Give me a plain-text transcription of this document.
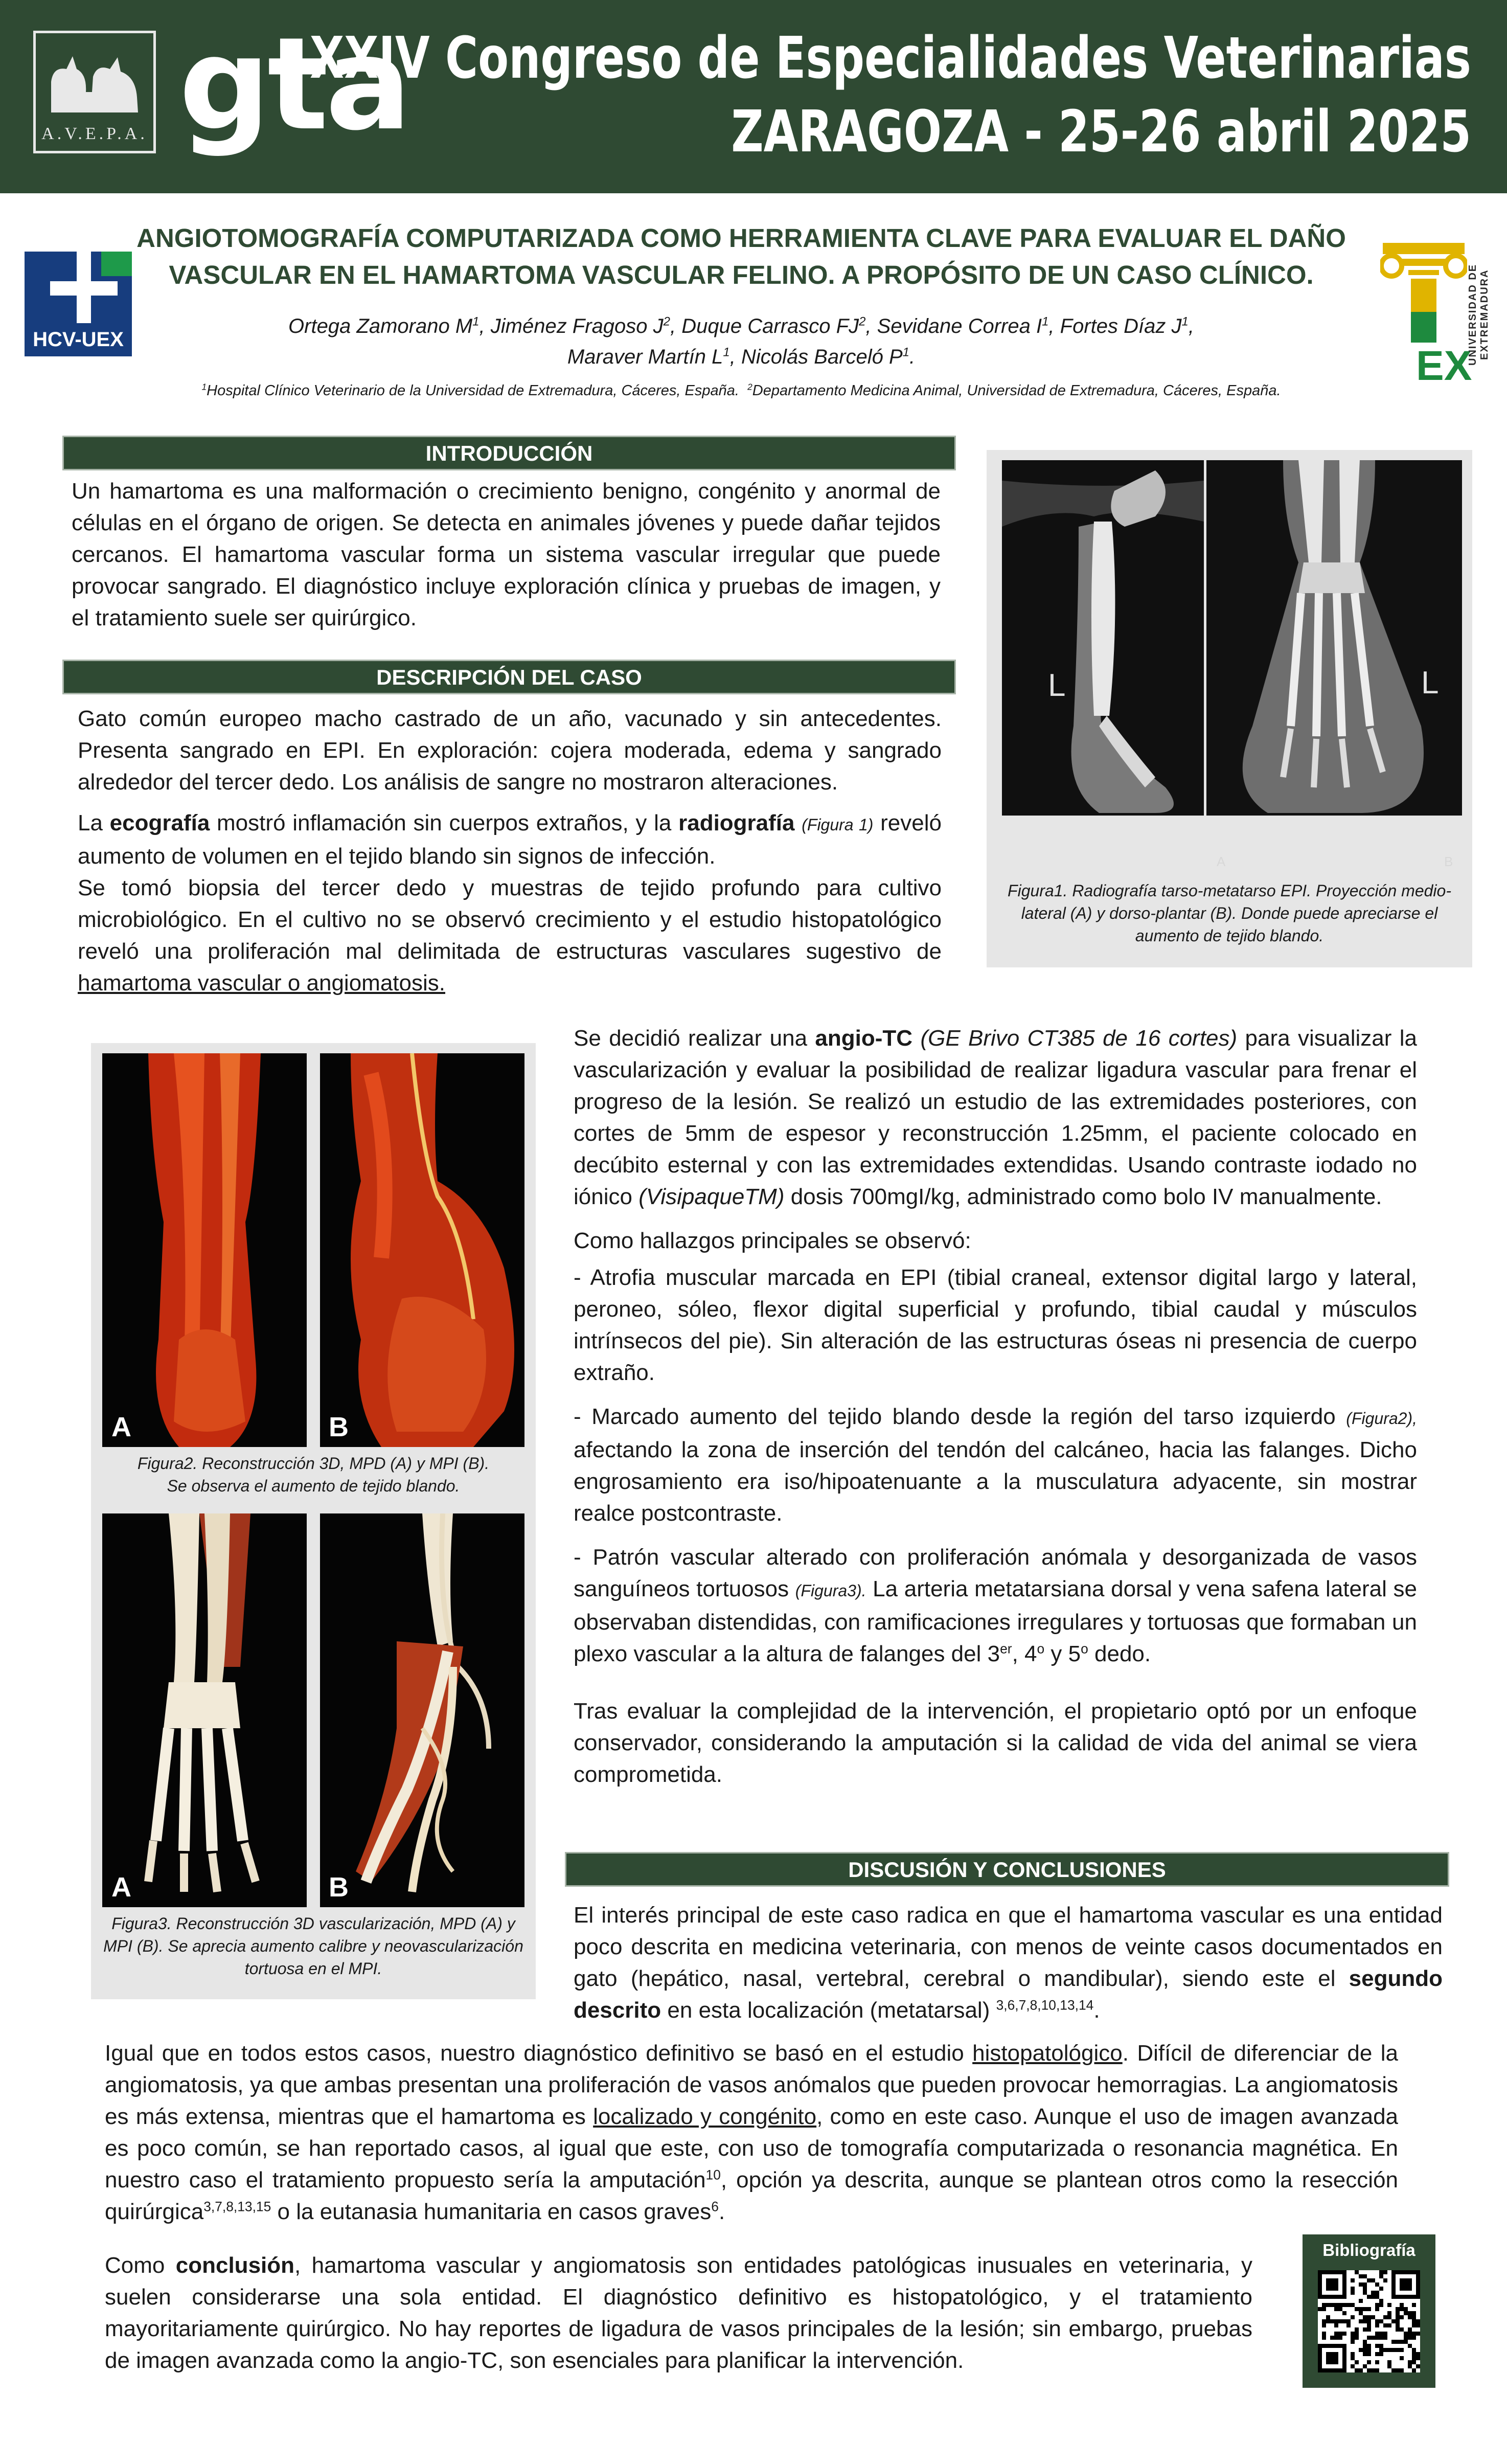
A.V.E.P.A. gta
XXIV Congreso de Especialidades Veterinarias
ZARAGOZA - 25-26 abril 2025
HCV-UEX
EX
UNIVERSIDAD DE EXTREMADURA
ANGIOTOMOGRAFÍA COMPUTARIZADA COMO HERRAMIENTA CLAVE PARA EVALUAR EL DAÑO
VASCULAR EN EL HAMARTOMA VASCULAR FELINO. A PROPÓSITO DE UN CASO CLÍNICO.
Ortega Zamorano $M^1$, Jiménez Fragoso $J^2$, Duque Carrasco $FJ^2$, Sevidane Correa $I^1$, Fortes Díaz $J^1$,
Maraver Martín $L^1$, Nicolás Barceló $P^1$.
$^1$Hospital Clínico Veterinario de la Universidad de Extremadura, Cáceres, España. $^2$Departamento Medicina Animal, Universidad de Extremadura, Cáceres, España.
INTRODUCCIÓN
Un hamartoma es una malformación o crecimiento benigno, congénito y anormal de células en el órgano de origen. Se detecta en animales jóvenes y puede dañar tejidos cercanos. El hamartoma vascular forma un sistema vascular irregular que puede provocar sangrado. El diagnóstico incluye exploración clínica y pruebas de imagen, y el tratamiento suele ser quirúrgico.
DESCRIPCIÓN DEL CASO

Gato común europeo macho castrado de un año, vacunado y sin antecedentes. Presenta sangrado en EPI. En exploración: cojera moderada, edema y sangrado alrededor del tercer dedo. Los análisis de sangre no mostraron alteraciones.

La ecografía mostró inflamación sin cuerpos extraños, y la radiografía (Figura 1) reveló aumento de volumen en el tejido blando sin signos de infección.

Se tomó biopsia del tercer dedo y muestras de tejido profundo para cultivo microbiológico. En el cultivo no se observó crecimiento y el estudio histopatológico reveló una proliferación mal delimitada de estructuras vasculares sugestivo de hamartoma vascular o angiomatosis.

L	L
A	B
Figura1. Radiografía tarso-metatarso EPI. Proyección medio-lateral (A) y dorso-plantar (B). Donde puede apreciarse el aumento de tejido blando.
A	B
Figura2. Reconstrucción 3D, MPD (A) y MPI (B).
Se observa el aumento de tejido blando.
A	B
Figura3. Reconstrucción 3D vascularización, MPD (A) y MPI (B). Se aprecia aumento calibre y neovascularización tortuosa en el MPI.

Se decidió realizar una angio-TC (GE Brivo CT385 de 16 cortes) para visualizar la vascularización y evaluar la posibilidad de realizar ligadura vascular para frenar el progreso de la lesión. Se realizó un estudio de las extremidades posteriores, con cortes de 5mm de espesor y reconstrucción 1.25mm, el paciente colocado en decúbito esternal y con las extremidades extendidas. Usando contraste iodado no iónico (VisipaqueTM) dosis 700mgI/kg, administrado como bolo IV manualmente.

Como hallazgos principales se observó:

- Atrofia muscular marcada en EPI (tibial craneal, extensor digital largo y lateral, peroneo, sóleo, flexor digital superficial y profundo, tibial caudal y músculos intrínsecos del pie). Sin alteración de las estructuras óseas ni presencia de cuerpo extraño.

- Marcado aumento del tejido blando desde la región del tarso izquierdo (Figura2), afectando la zona de inserción del tendón del calcáneo, hacia las falanges. Dicho engrosamiento era iso/hipoatenuante a la musculatura adyacente, sin mostrar realce postcontraste.

- Patrón vascular alterado con proliferación anómala y desorganizada de vasos sanguíneos tortuosos (Figura3). La arteria metatarsiana dorsal y vena safena lateral se observaban distendidas, con ramificaciones irregulares y tortuosas que formaban un plexo vascular a la altura de falanges del 3er, 4$^o$ y 5$^o$ dedo.

Tras evaluar la complejidad de la intervención, el propietario optó por un enfoque conservador, considerando la amputación si la calidad de vida del animal se viera comprometida.

DISCUSIÓN Y CONCLUSIONES

El interés principal de este caso radica en que el hamartoma vascular es una entidad poco descrita en medicina veterinaria, con menos de veinte casos documentados en gato (hepático, nasal, vertebral, cerebral o mandibular), siendo este el segundo descrito en esta localización (metatarsal) $^{3,6,7,8,10,13,14}$.

Igual que en todos estos casos, nuestro diagnóstico definitivo se basó en el estudio histopatológico. Difícil de diferenciar de la angiomatosis, ya que ambas presentan una proliferación de vasos anómalos que pueden provocar hemorragias. La angiomatosis es más extensa, mientras que el hamartoma es localizado y congénito, como en este caso. Aunque el uso de imagen avanzada es poco común, se han reportado casos, al igual que este, con uso de tomografía computarizada o resonancia magnética. En nuestro caso el tratamiento propuesto sería la amputación$^{10}$, opción ya descrita, aunque se plantean otros como la resección quirúrgica$^{3,7,8,13,15}$ o la eutanasia humanitaria en casos graves$^6$.

Como conclusión, hamartoma vascular y angiomatosis son entidades patológicas inusuales en veterinaria, y suelen considerarse una sola entidad. El diagnóstico definitivo es histopatológico, y el tratamiento mayoritariamente quirúrgico. No hay reportes de ligadura de vasos principales de la lesión; sin embargo, pruebas de imagen avanzada como la angio-TC, son esenciales para planificar la intervención.

Bibliografía
